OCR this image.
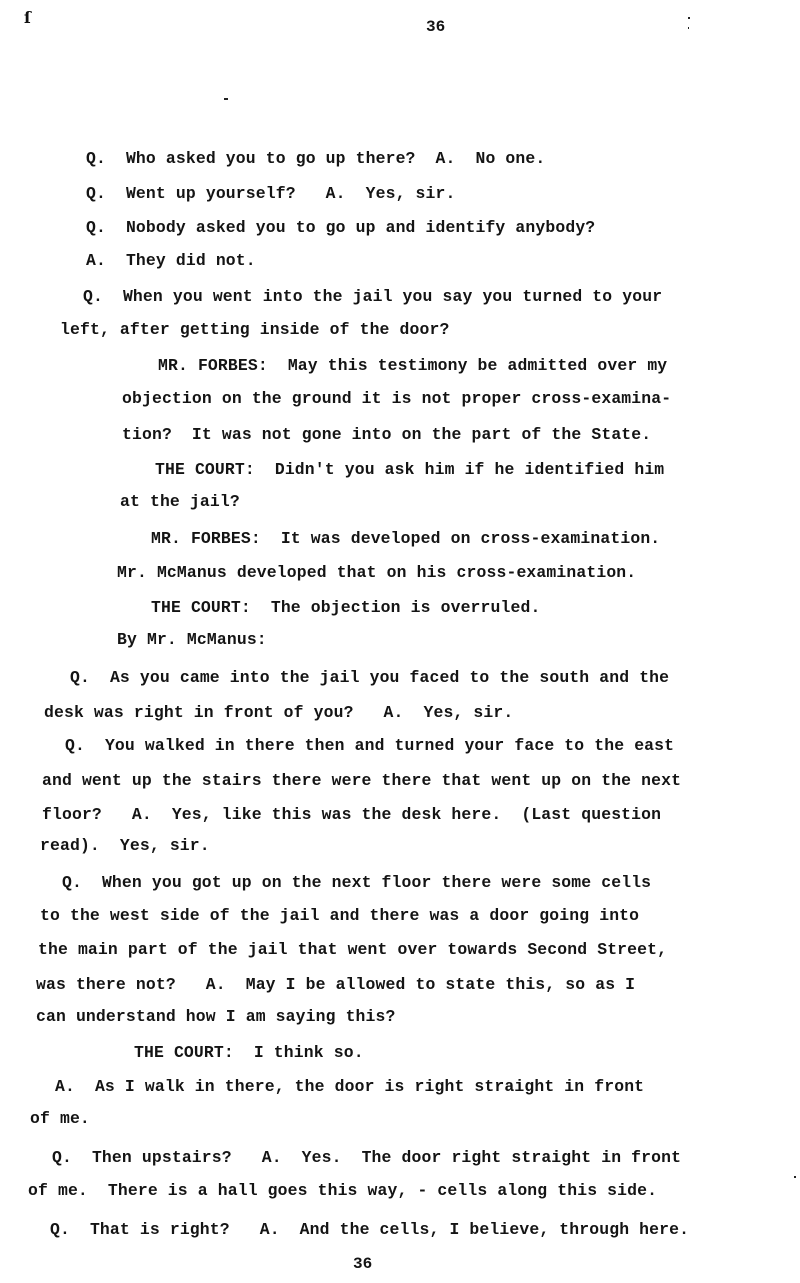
ſ	36
Q.  Who asked you to go up there?  A.  No one.
Q.  Went up yourself?   A.  Yes, sir.
Q.  Nobody asked you to go up and identify anybody?
A.  They did not.
Q.  When you went into the jail you say you turned to your
left, after getting inside of the door?
MR. FORBES:  May this testimony be admitted over my
objection on the ground it is not proper cross-examina-
tion?  It was not gone into on the part of the State.
THE COURT:  Didn't you ask him if he identified him
at the jail?
MR. FORBES:  It was developed on cross-examination.
Mr. McManus developed that on his cross-examination.
THE COURT:  The objection is overruled.
By Mr. McManus:
Q.  As you came into the jail you faced to the south and the
desk was right in front of you?   A.  Yes, sir.
Q.  You walked in there then and turned your face to the east
and went up the stairs there were there that went up on the next
floor?   A.  Yes, like this was the desk here.  (Last question
read).  Yes, sir.
Q.  When you got up on the next floor there were some cells
to the west side of the jail and there was a door going into
the main part of the jail that went over towards Second Street,
was there not?   A.  May I be allowed to state this, so as I
can understand how I am saying this?
THE COURT:  I think so.
A.  As I walk in there, the door is right straight in front
of me.
Q.  Then upstairs?   A.  Yes.  The door right straight in front
of me.  There is a hall goes this way, - cells along this side.
Q.  That is right?   A.  And the cells, I believe, through here.
36
